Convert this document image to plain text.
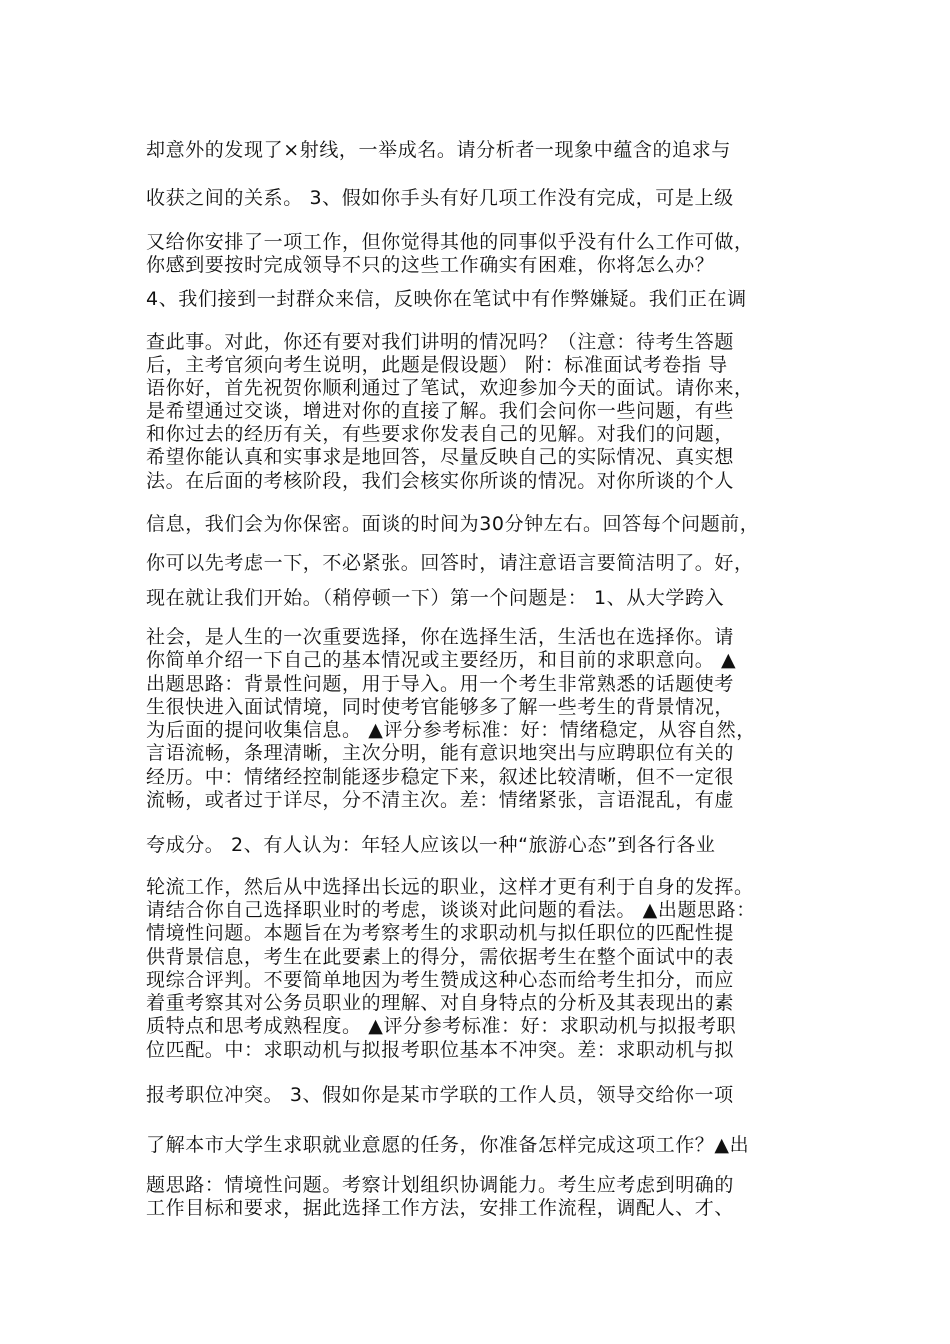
却意外的发现了×射线，一举成名。请分析者一现象中蕴含的追求与

收获之间的关系。 3、假如你手头有好几项工作没有完成，可是上级

又给你安排了一项工作，但你觉得其他的同事似乎没有什么工作可做，

你感到要按时完成领导不只的这些工作确实有困难，你将怎么办？

4、我们接到一封群众来信，反映你在笔试中有作弊嫌疑。我们正在调

查此事。对此，你还有要对我们讲明的情况吗？（注意：待考生答题

后，主考官须向考生说明，此题是假设题） 附：标准面试考卷指 导

语你好，首先祝贺你顺利通过了笔试，欢迎参加今天的面试。请你来，

是希望通过交谈，增进对你的直接了解。我们会问你一些问题，有些

和你过去的经历有关，有些要求你发表自己的见解。对我们的问题，

希望你能认真和实事求是地回答，尽量反映自己的实际情况、真实想

法。在后面的考核阶段，我们会核实你所谈的情况。对你所谈的个人

信息，我们会为你保密。面谈的时间为30分钟左右。回答每个问题前，

你可以先考虑一下，不必紧张。回答时，请注意语言要简洁明了。好，

现在就让我们开始。（稍停顿一下）第一个问题是： 1、从大学跨入

社会，是人生的一次重要选择，你在选择生活，生活也在选择你。请

你简单介绍一下自己的基本情况或主要经历，和目前的求职意向。 ▲

出题思路：背景性问题，用于导入。用一个考生非常熟悉的话题使考

生很快进入面试情境，同时使考官能够多了解一些考生的背景情况，

为后面的提问收集信息。 ▲评分参考标准：好：情绪稳定，从容自然，

言语流畅，条理清晰，主次分明，能有意识地突出与应聘职位有关的

经历。中：情绪经控制能逐步稳定下来，叙述比较清晰，但不一定很

流畅，或者过于详尽，分不清主次。差：情绪紧张，言语混乱，有虚

夸成分。 2、有人认为：年轻人应该以一种“旅游心态”到各行各业

轮流工作，然后从中选择出长远的职业，这样才更有利于自身的发挥。

请结合你自己选择职业时的考虑，谈谈对此问题的看法。 ▲出题思路：

情境性问题。本题旨在为考察考生的求职动机与拟任职位的匹配性提

供背景信息，考生在此要素上的得分，需依据考生在整个面试中的表

现综合评判。不要简单地因为考生赞成这种心态而给考生扣分，而应

着重考察其对公务员职业的理解、对自身特点的分析及其表现出的素

质特点和思考成熟程度。 ▲评分参考标准：好：求职动机与拟报考职

位匹配。中：求职动机与拟报考职位基本不冲突。差：求职动机与拟

报考职位冲突。 3、假如你是某市学联的工作人员，领导交给你一项

了解本市大学生求职就业意愿的任务，你准备怎样完成这项工作？▲出

题思路：情境性问题。考察计划组织协调能力。考生应考虑到明确的

工作目标和要求，据此选择工作方法，安排工作流程，调配人、才、
